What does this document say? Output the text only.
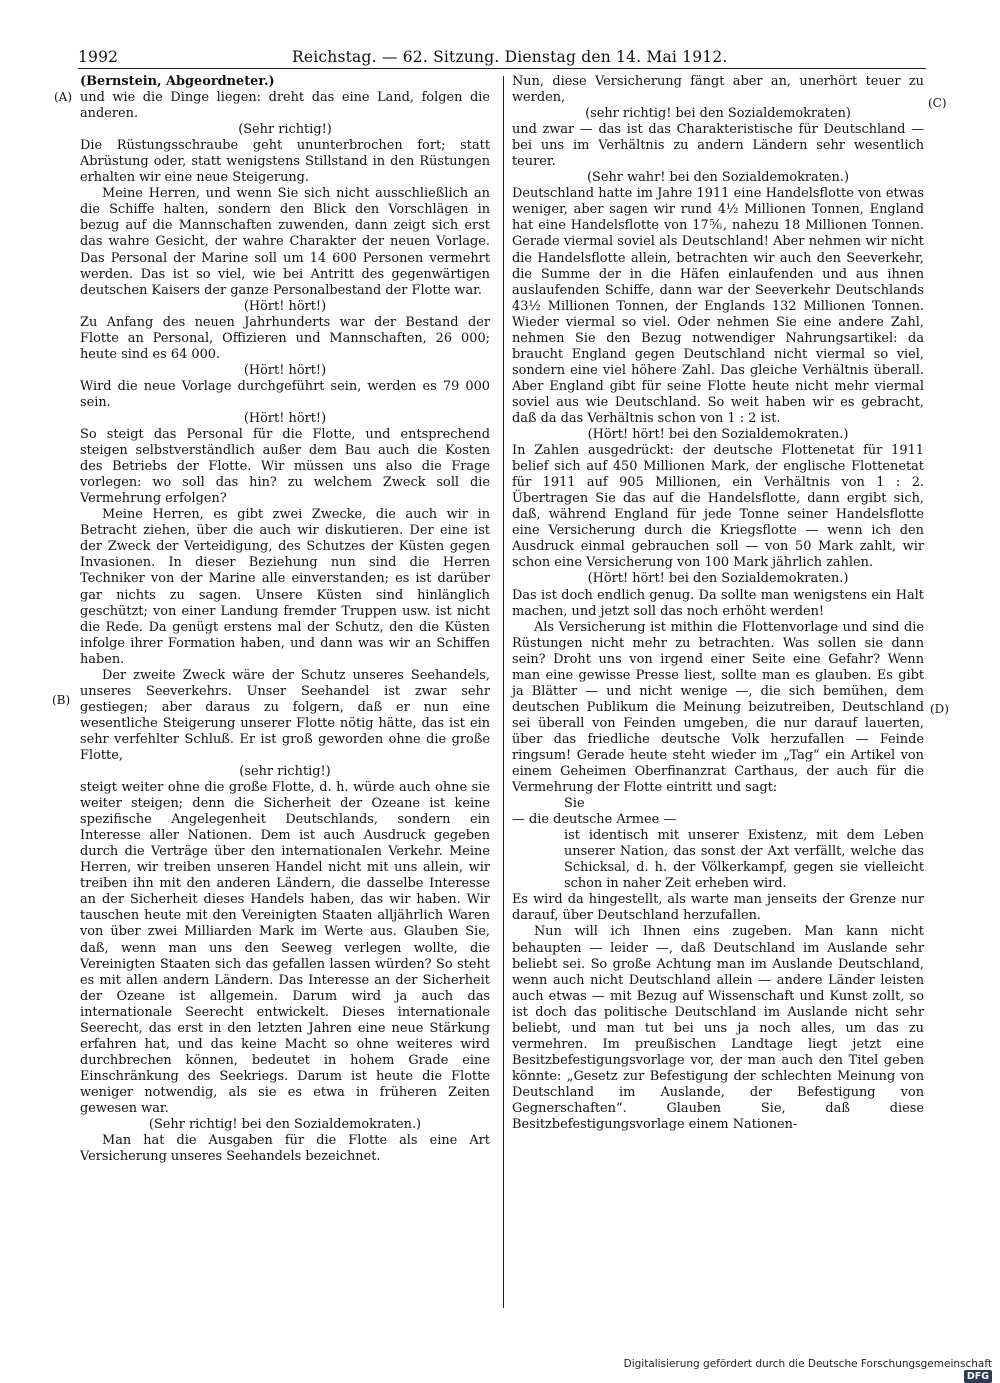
1992	Reichstag. — 62. Sitzung. Dienstag den 14. Mai 1912.
(A)
(B)
(C)
(D)

(Bernstein, Abgeordneter.)

und wie die Dinge liegen: dreht das eine Land, folgen die anderen.

(Sehr richtig!)

Die Rüstungsschraube geht ununterbrochen fort; statt Abrüstung oder, statt wenigstens Stillstand in den Rüstungen erhalten wir eine neue Steigerung.

Meine Herren, und wenn Sie sich nicht ausschließlich an die Schiffe halten, sondern den Blick den Vorschlägen in bezug auf die Mannschaften zuwenden, dann zeigt sich erst das wahre Gesicht, der wahre Charakter der neuen Vorlage. Das Personal der Marine soll um 14 600 Personen vermehrt werden. Das ist so viel, wie bei Antritt des gegenwärtigen deutschen Kaisers der ganze Personalbestand der Flotte war.

(Hört! hört!)

Zu Anfang des neuen Jahrhunderts war der Bestand der Flotte an Personal, Offizieren und Mannschaften, 26 000; heute sind es 64 000.

(Hört! hört!)

Wird die neue Vorlage durchgeführt sein, werden es 79 000 sein.

(Hört! hört!)

So steigt das Personal für die Flotte, und entsprechend steigen selbstverständlich außer dem Bau auch die Kosten des Betriebs der Flotte. Wir müssen uns also die Frage vorlegen: wo soll das hin? zu welchem Zweck soll die Vermehrung erfolgen?

Meine Herren, es gibt zwei Zwecke, die auch wir in Betracht ziehen, über die auch wir diskutieren. Der eine ist der Zweck der Verteidigung, des Schutzes der Küsten gegen Invasionen. In dieser Beziehung nun sind die Herren Techniker von der Marine alle einverstanden; es ist darüber gar nichts zu sagen. Unsere Küsten sind hinlänglich geschützt; von einer Landung fremder Truppen usw. ist nicht die Rede. Da genügt erstens mal der Schutz, den die Küsten infolge ihrer Formation haben, und dann was wir an Schiffen haben.

Der zweite Zweck wäre der Schutz unseres Seehandels, unseres Seeverkehrs. Unser Seehandel ist zwar sehr gestiegen; aber daraus zu folgern, daß er nun eine wesentliche Steigerung unserer Flotte nötig hätte, das ist ein sehr verfehlter Schluß. Er ist groß geworden ohne die große Flotte,

(sehr richtig!)

steigt weiter ohne die große Flotte, d. h. würde auch ohne sie weiter steigen; denn die Sicherheit der Ozeane ist keine spezifische Angelegenheit Deutschlands, sondern ein Interesse aller Nationen. Dem ist auch Ausdruck gegeben durch die Verträge über den internationalen Verkehr. Meine Herren, wir treiben unseren Handel nicht mit uns allein, wir treiben ihn mit den anderen Ländern, die dasselbe Interesse an der Sicherheit dieses Handels haben, das wir haben. Wir tauschen heute mit den Vereinigten Staaten alljährlich Waren von über zwei Milliarden Mark im Werte aus. Glauben Sie, daß, wenn man uns den Seeweg verlegen wollte, die Vereinigten Staaten sich das gefallen lassen würden? So steht es mit allen andern Ländern. Das Interesse an der Sicherheit der Ozeane ist allgemein. Darum wird ja auch das internationale Seerecht entwickelt. Dieses internationale Seerecht, das erst in den letzten Jahren eine neue Stärkung erfahren hat, und das keine Macht so ohne weiteres wird durchbrechen können, bedeutet in hohem Grade eine Einschränkung des Seekriegs. Darum ist heute die Flotte weniger notwendig, als sie es etwa in früheren Zeiten gewesen war.

(Sehr richtig! bei den Sozialdemokraten.)

Man hat die Ausgaben für die Flotte als eine Art Versicherung unseres Seehandels bezeichnet.

Nun, diese Versicherung fängt aber an, unerhört teuer zu werden,

(sehr richtig! bei den Sozialdemokraten)

und zwar — das ist das Charakteristische für Deutschland — bei uns im Verhältnis zu andern Ländern sehr wesentlich teurer.

(Sehr wahr! bei den Sozialdemokraten.)

Deutschland hatte im Jahre 1911 eine Handelsflotte von etwas weniger, aber sagen wir rund 4½ Millionen Tonnen, England hat eine Handelsflotte von 17⅚, nahezu 18 Millionen Tonnen. Gerade viermal soviel als Deutschland! Aber nehmen wir nicht die Handelsflotte allein, betrachten wir auch den Seeverkehr, die Summe der in die Häfen einlaufenden und aus ihnen auslaufenden Schiffe, dann war der Seeverkehr Deutschlands 43½ Millionen Tonnen, der Englands 132 Millionen Tonnen. Wieder viermal so viel. Oder nehmen Sie eine andere Zahl, nehmen Sie den Bezug notwendiger Nahrungsartikel: da braucht England gegen Deutschland nicht viermal so viel, sondern eine viel höhere Zahl. Das gleiche Verhältnis überall. Aber England gibt für seine Flotte heute nicht mehr viermal soviel aus wie Deutschland. So weit haben wir es gebracht, daß da das Verhältnis schon von 1 : 2 ist.

(Hört! hört! bei den Sozialdemokraten.)

In Zahlen ausgedrückt: der deutsche Flottenetat für 1911 belief sich auf 450 Millionen Mark, der englische Flottenetat für 1911 auf 905 Millionen, ein Verhältnis von 1 : 2. Übertragen Sie das auf die Handelsflotte, dann ergibt sich, daß, während England für jede Tonne seiner Handelsflotte eine Versicherung durch die Kriegsflotte — wenn ich den Ausdruck einmal gebrauchen soll — von 50 Mark zahlt, wir schon eine Versicherung von 100 Mark jährlich zahlen.

(Hört! hört! bei den Sozialdemokraten.)

Das ist doch endlich genug. Da sollte man wenigstens ein Halt machen, und jetzt soll das noch erhöht werden!

Als Versicherung ist mithin die Flottenvorlage und sind die Rüstungen nicht mehr zu betrachten. Was sollen sie dann sein? Droht uns von irgend einer Seite eine Gefahr? Wenn man eine gewisse Presse liest, sollte man es glauben. Es gibt ja Blätter — und nicht wenige —, die sich bemühen, dem deutschen Publikum die Meinung beizutreiben, Deutschland sei überall von Feinden umgeben, die nur darauf lauerten, über das friedliche deutsche Volk herzufallen — Feinde ringsum! Gerade heute steht wieder im „Tag“ ein Artikel von einem Geheimen Oberfinanzrat Carthaus, der auch für die Vermehrung der Flotte eintritt und sagt:

Sie

— die deutsche Armee —

ist identisch mit unserer Existenz, mit dem Leben unserer Nation, das sonst der Axt verfällt, welche das Schicksal, d. h. der Völkerkampf, gegen sie vielleicht schon in naher Zeit erheben wird.

Es wird da hingestellt, als warte man jenseits der Grenze nur darauf, über Deutschland herzufallen.

Nun will ich Ihnen eins zugeben. Man kann nicht behaupten — leider —, daß Deutschland im Auslande sehr beliebt sei. So große Achtung man im Auslande Deutschland, wenn auch nicht Deutschland allein — andere Länder leisten auch etwas — mit Bezug auf Wissenschaft und Kunst zollt, so ist doch das politische Deutschland im Auslande nicht sehr beliebt, und man tut bei uns ja noch alles, um das zu vermehren. Im preußischen Landtage liegt jetzt eine Besitzbefestigungsvorlage vor, der man auch den Titel geben könnte: „Gesetz zur Befestigung der schlechten Meinung von Deutschland im Auslande, der Befestigung von Gegnerschaften“. Glauben Sie, daß diese Besitzbefestigungsvorlage einem Nationen-

Digitalisierung gefördert durch die Deutsche Forschungsgemeinschaft DFG
